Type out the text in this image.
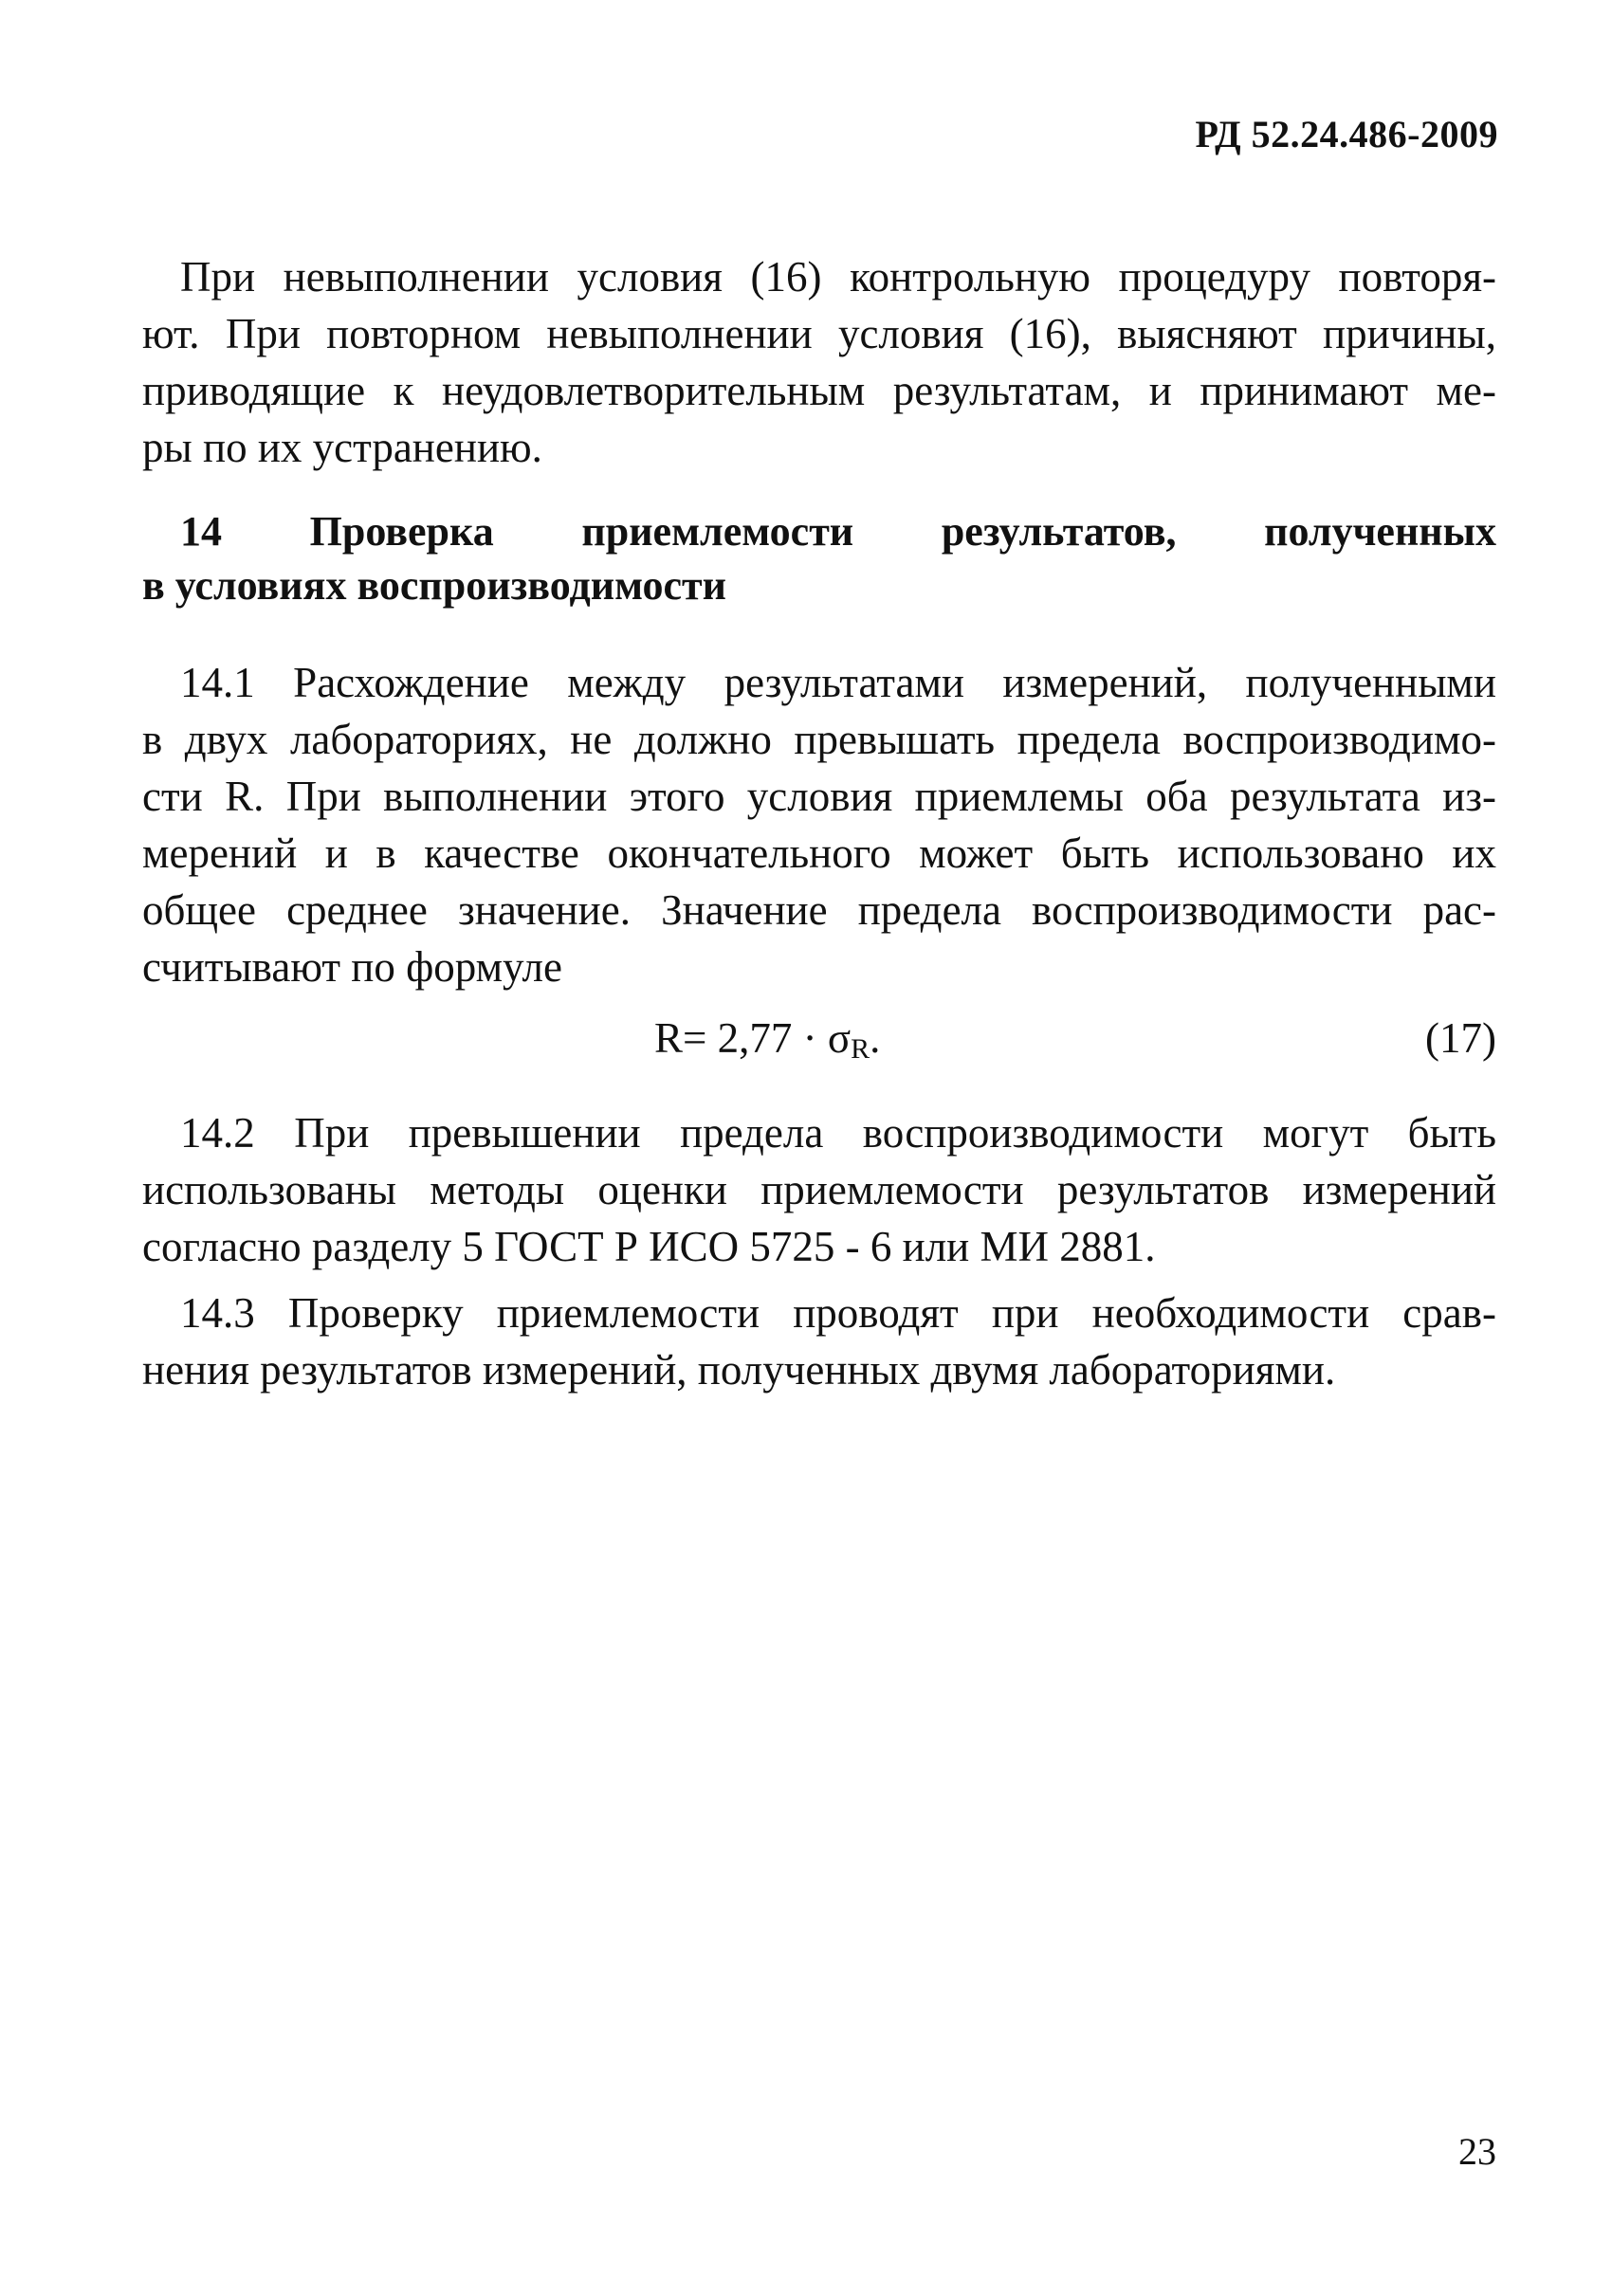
РД 52.24.486-2009
При невыполнении условия (16) контрольную процедуру повторя-
ют. При повторном невыполнении условия (16), выясняют причины,
приводящие к неудовлетворительным результатам, и принимают ме-
ры по их устранению.
14 Проверка приемлемости результатов, полученных
в условиях воспроизводимости
14.1 Расхождение между результатами измерений, полученными
в двух лабораториях, не должно превышать предела воспроизводимо-
сти R. При выполнении этого условия приемлемы оба результата из-
мерений и в качестве окончательного может быть использовано их
общее среднее значение. Значение предела воспроизводимости рас-
считывают по формуле
$R= 2,77 \cdot \sigma_R$.	(17)
14.2 При превышении предела воспроизводимости могут быть
использованы методы оценки приемлемости результатов измерений
согласно разделу 5 ГОСТ Р ИСО 5725 - 6 или МИ 2881.
14.3 Проверку приемлемости проводят при необходимости срав-
нения результатов измерений, полученных двумя лабораториями.
23
